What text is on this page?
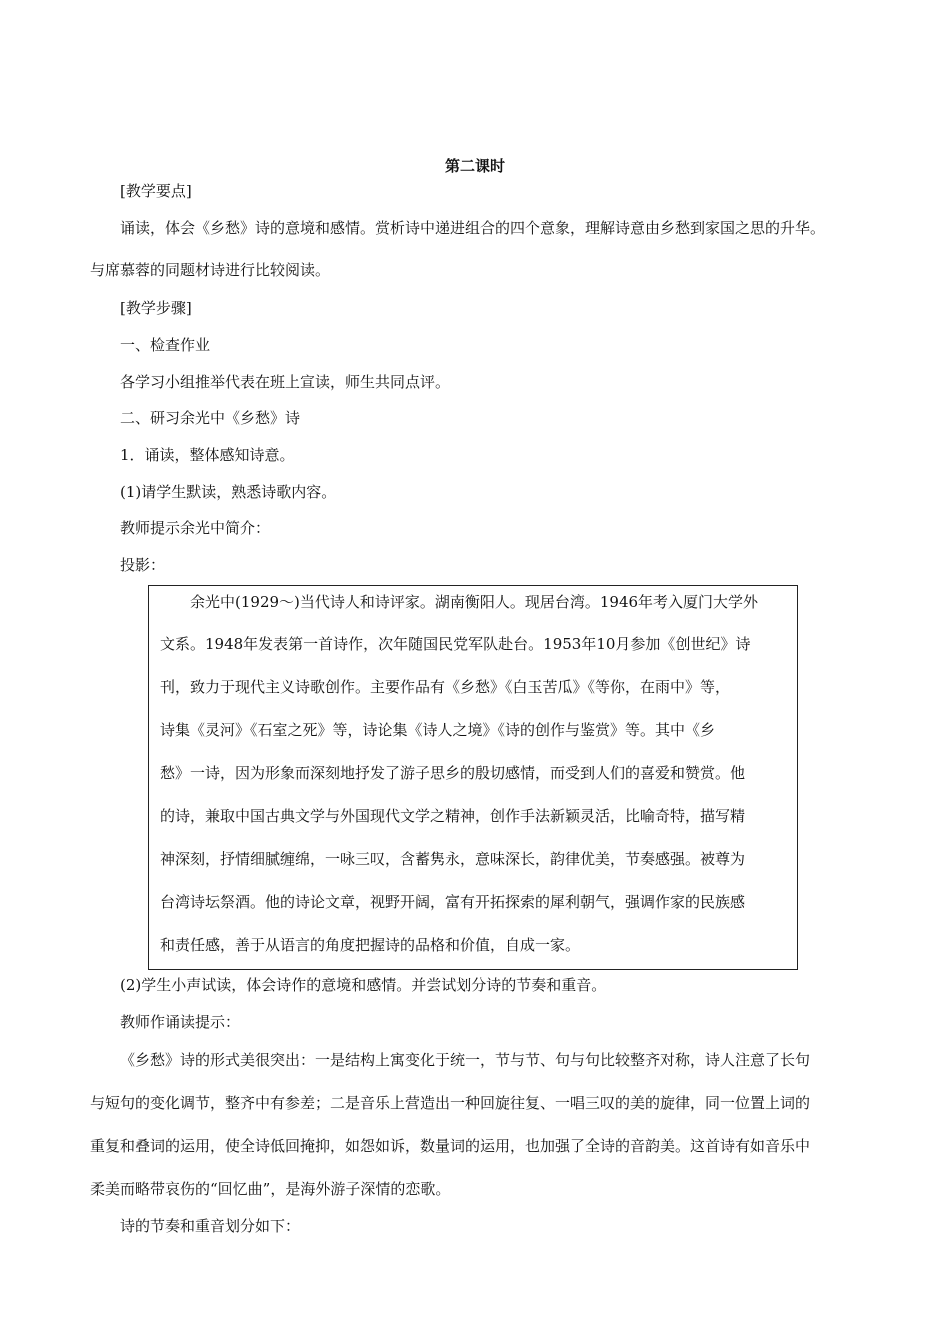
第二课时
[教学要点]
诵读，体会《乡愁》诗的意境和感情。赏析诗中递进组合的四个意象，理解诗意由乡愁到家国之思的升华。
与席慕蓉的同题材诗进行比较阅读。
[教学步骤]
一、检查作业
各学习小组推举代表在班上宣读，师生共同点评。
二、研习余光中《乡愁》诗
1．诵读，整体感知诗意。
(1)请学生默读，熟悉诗歌内容。
教师提示余光中简介：
投影：
余光中(1929～)当代诗人和诗评家。湖南衡阳人。现居台湾。1946年考入厦门大学外
文系。1948年发表第一首诗作，次年随国民党军队赴台。1953年10月参加《创世纪》诗
刊，致力于现代主义诗歌创作。主要作品有《乡愁》《白玉苦瓜》《等你，在雨中》等，
诗集《灵河》《石室之死》等，诗论集《诗人之境》《诗的创作与鉴赏》等。其中《乡
愁》一诗，因为形象而深刻地抒发了游子思乡的殷切感情，而受到人们的喜爱和赞赏。他
的诗，兼取中国古典文学与外国现代文学之精神，创作手法新颖灵活，比喻奇特，描写精
神深刻，抒情细腻缠绵，一咏三叹，含蓄隽永，意味深长，韵律优美，节奏感强。被尊为
台湾诗坛祭酒。他的诗论文章，视野开阔，富有开拓探索的犀利朝气，强调作家的民族感
和责任感，善于从语言的角度把握诗的品格和价值，自成一家。
(2)学生小声试读，体会诗作的意境和感情。并尝试划分诗的节奏和重音。
教师作诵读提示：
《乡愁》诗的形式美很突出：一是结构上寓变化于统一，节与节、句与句比较整齐对称，诗人注意了长句
与短句的变化调节，整齐中有参差；二是音乐上营造出一种回旋往复、一唱三叹的美的旋律，同一位置上词的
重复和叠词的运用，使全诗低回掩抑，如怨如诉，数量词的运用，也加强了全诗的音韵美。这首诗有如音乐中
柔美而略带哀伤的“回忆曲”，是海外游子深情的恋歌。
诗的节奏和重音划分如下：
